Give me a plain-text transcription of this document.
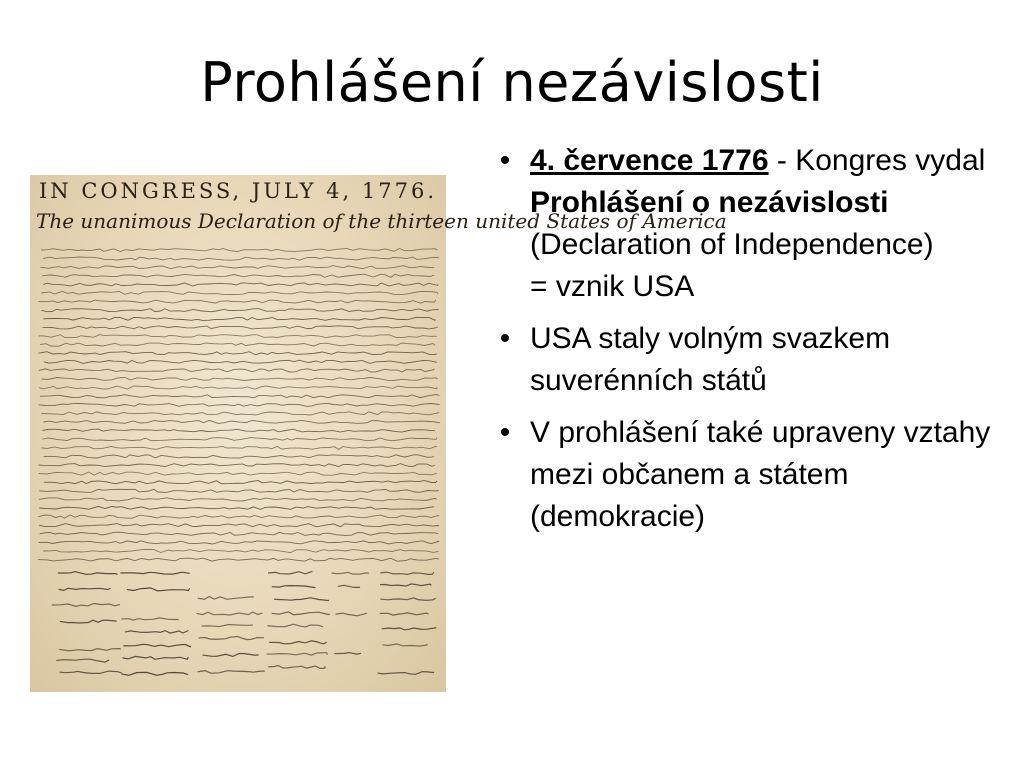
Prohlášení nezávislosti
IN CONGRESS, JULY 4, 1776.
The unanimous Declaration of the thirteen united States of America
• 4. července 1776 - Kongres vydal Prohlášení o nezávislosti (Declaration of Independence)
= vznik USA
• USA staly volným svazkem suverénních států
• V prohlášení také upraveny vztahy mezi občanem a státem (demokracie)
